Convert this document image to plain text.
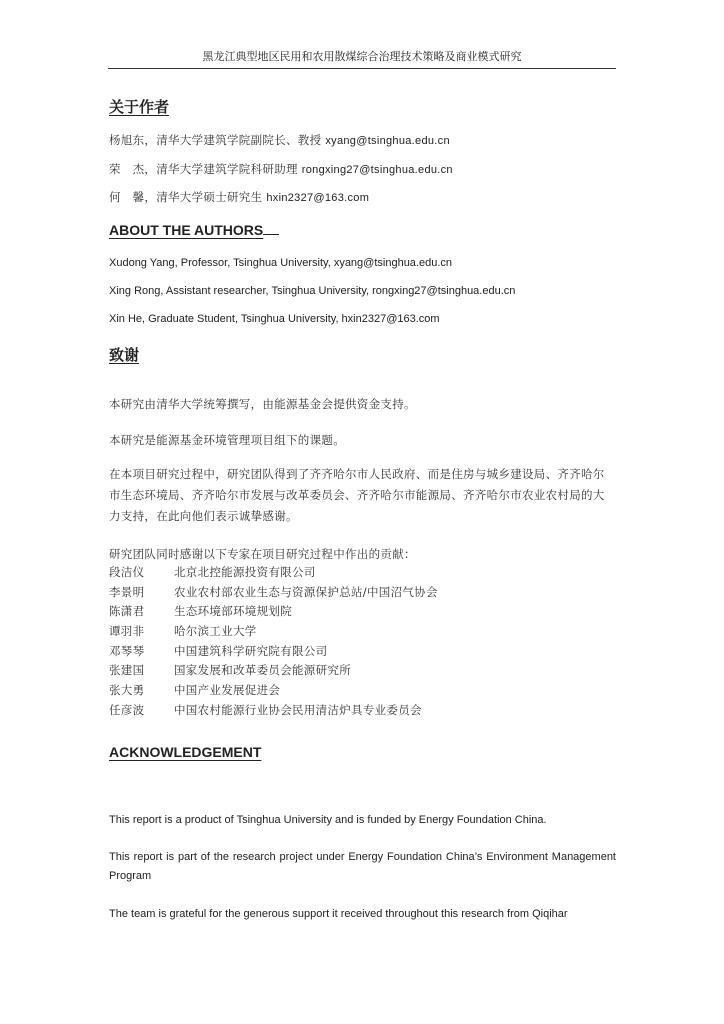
黑龙江典型地区民用和农用散煤综合治理技术策略及商业模式研究
关于作者
杨旭东，清华大学建筑学院副院长、教授 xyang@tsinghua.edu.cn
荣　杰，清华大学建筑学院科研助理 rongxing27@tsinghua.edu.cn
何　馨，清华大学硕士研究生 hxin2327@163.com
ABOUT THE AUTHORS
Xudong Yang, Professor, Tsinghua University, xyang@tsinghua.edu.cn
Xing Rong, Assistant researcher, Tsinghua University, rongxing27@tsinghua.edu.cn
Xin He, Graduate Student, Tsinghua University, hxin2327@163.com
致谢
本研究由清华大学统筹撰写，由能源基金会提供资金支持。
本研究是能源基金环境管理项目组下的课题。
在本项目研究过程中，研究团队得到了齐齐哈尔市人民政府、而是住房与城乡建设局、齐齐哈尔市生态环境局、齐齐哈尔市发展与改革委员会、齐齐哈尔市能源局、齐齐哈尔市农业农村局的大力支持，在此向他们表示诚挚感谢。
研究团队同时感谢以下专家在项目研究过程中作出的贡献：
段洁仪	北京北控能源投资有限公司
李景明	农业农村部农业生态与资源保护总站/中国沼气协会
陈潇君	生态环境部环境规划院
谭羽非	哈尔滨工业大学
邓琴琴	中国建筑科学研究院有限公司
张建国	国家发展和改革委员会能源研究所
张大勇	中国产业发展促进会
任彦波	中国农村能源行业协会民用清洁炉具专业委员会
ACKNOWLEDGEMENT
This report is a product of Tsinghua University and is funded by Energy Foundation China.
This report is part of the research project under Energy Foundation China’s Environment Management Program
The team is grateful for the generous support it received throughout this research from Qiqihar
